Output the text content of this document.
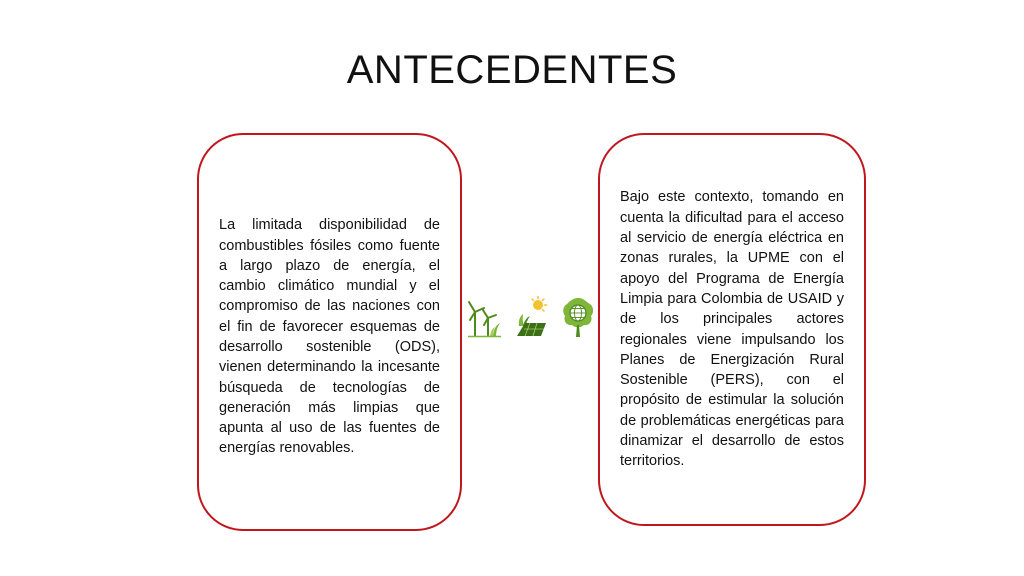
ANTECEDENTES

La limitada disponibilidad de combustibles fósiles como fuente a largo plazo de energía, el cambio climático mundial y el compromiso de las naciones con el fin de favorecer esquemas de desarrollo sostenible (ODS), vienen determinando la incesante búsqueda de tecnologías de generación más limpias que apunta al uso de las fuentes de energías renovables.

Bajo este contexto, tomando en cuenta la dificultad para el acceso al servicio de energía eléctrica en zonas rurales, la UPME con el apoyo del Programa de Energía Limpia para Colombia de USAID y de los principales actores regionales viene impulsando los Planes de Energización Rural Sostenible (PERS), con el propósito de estimular la solución de problemáticas energéticas para dinamizar el desarrollo de estos territorios.
